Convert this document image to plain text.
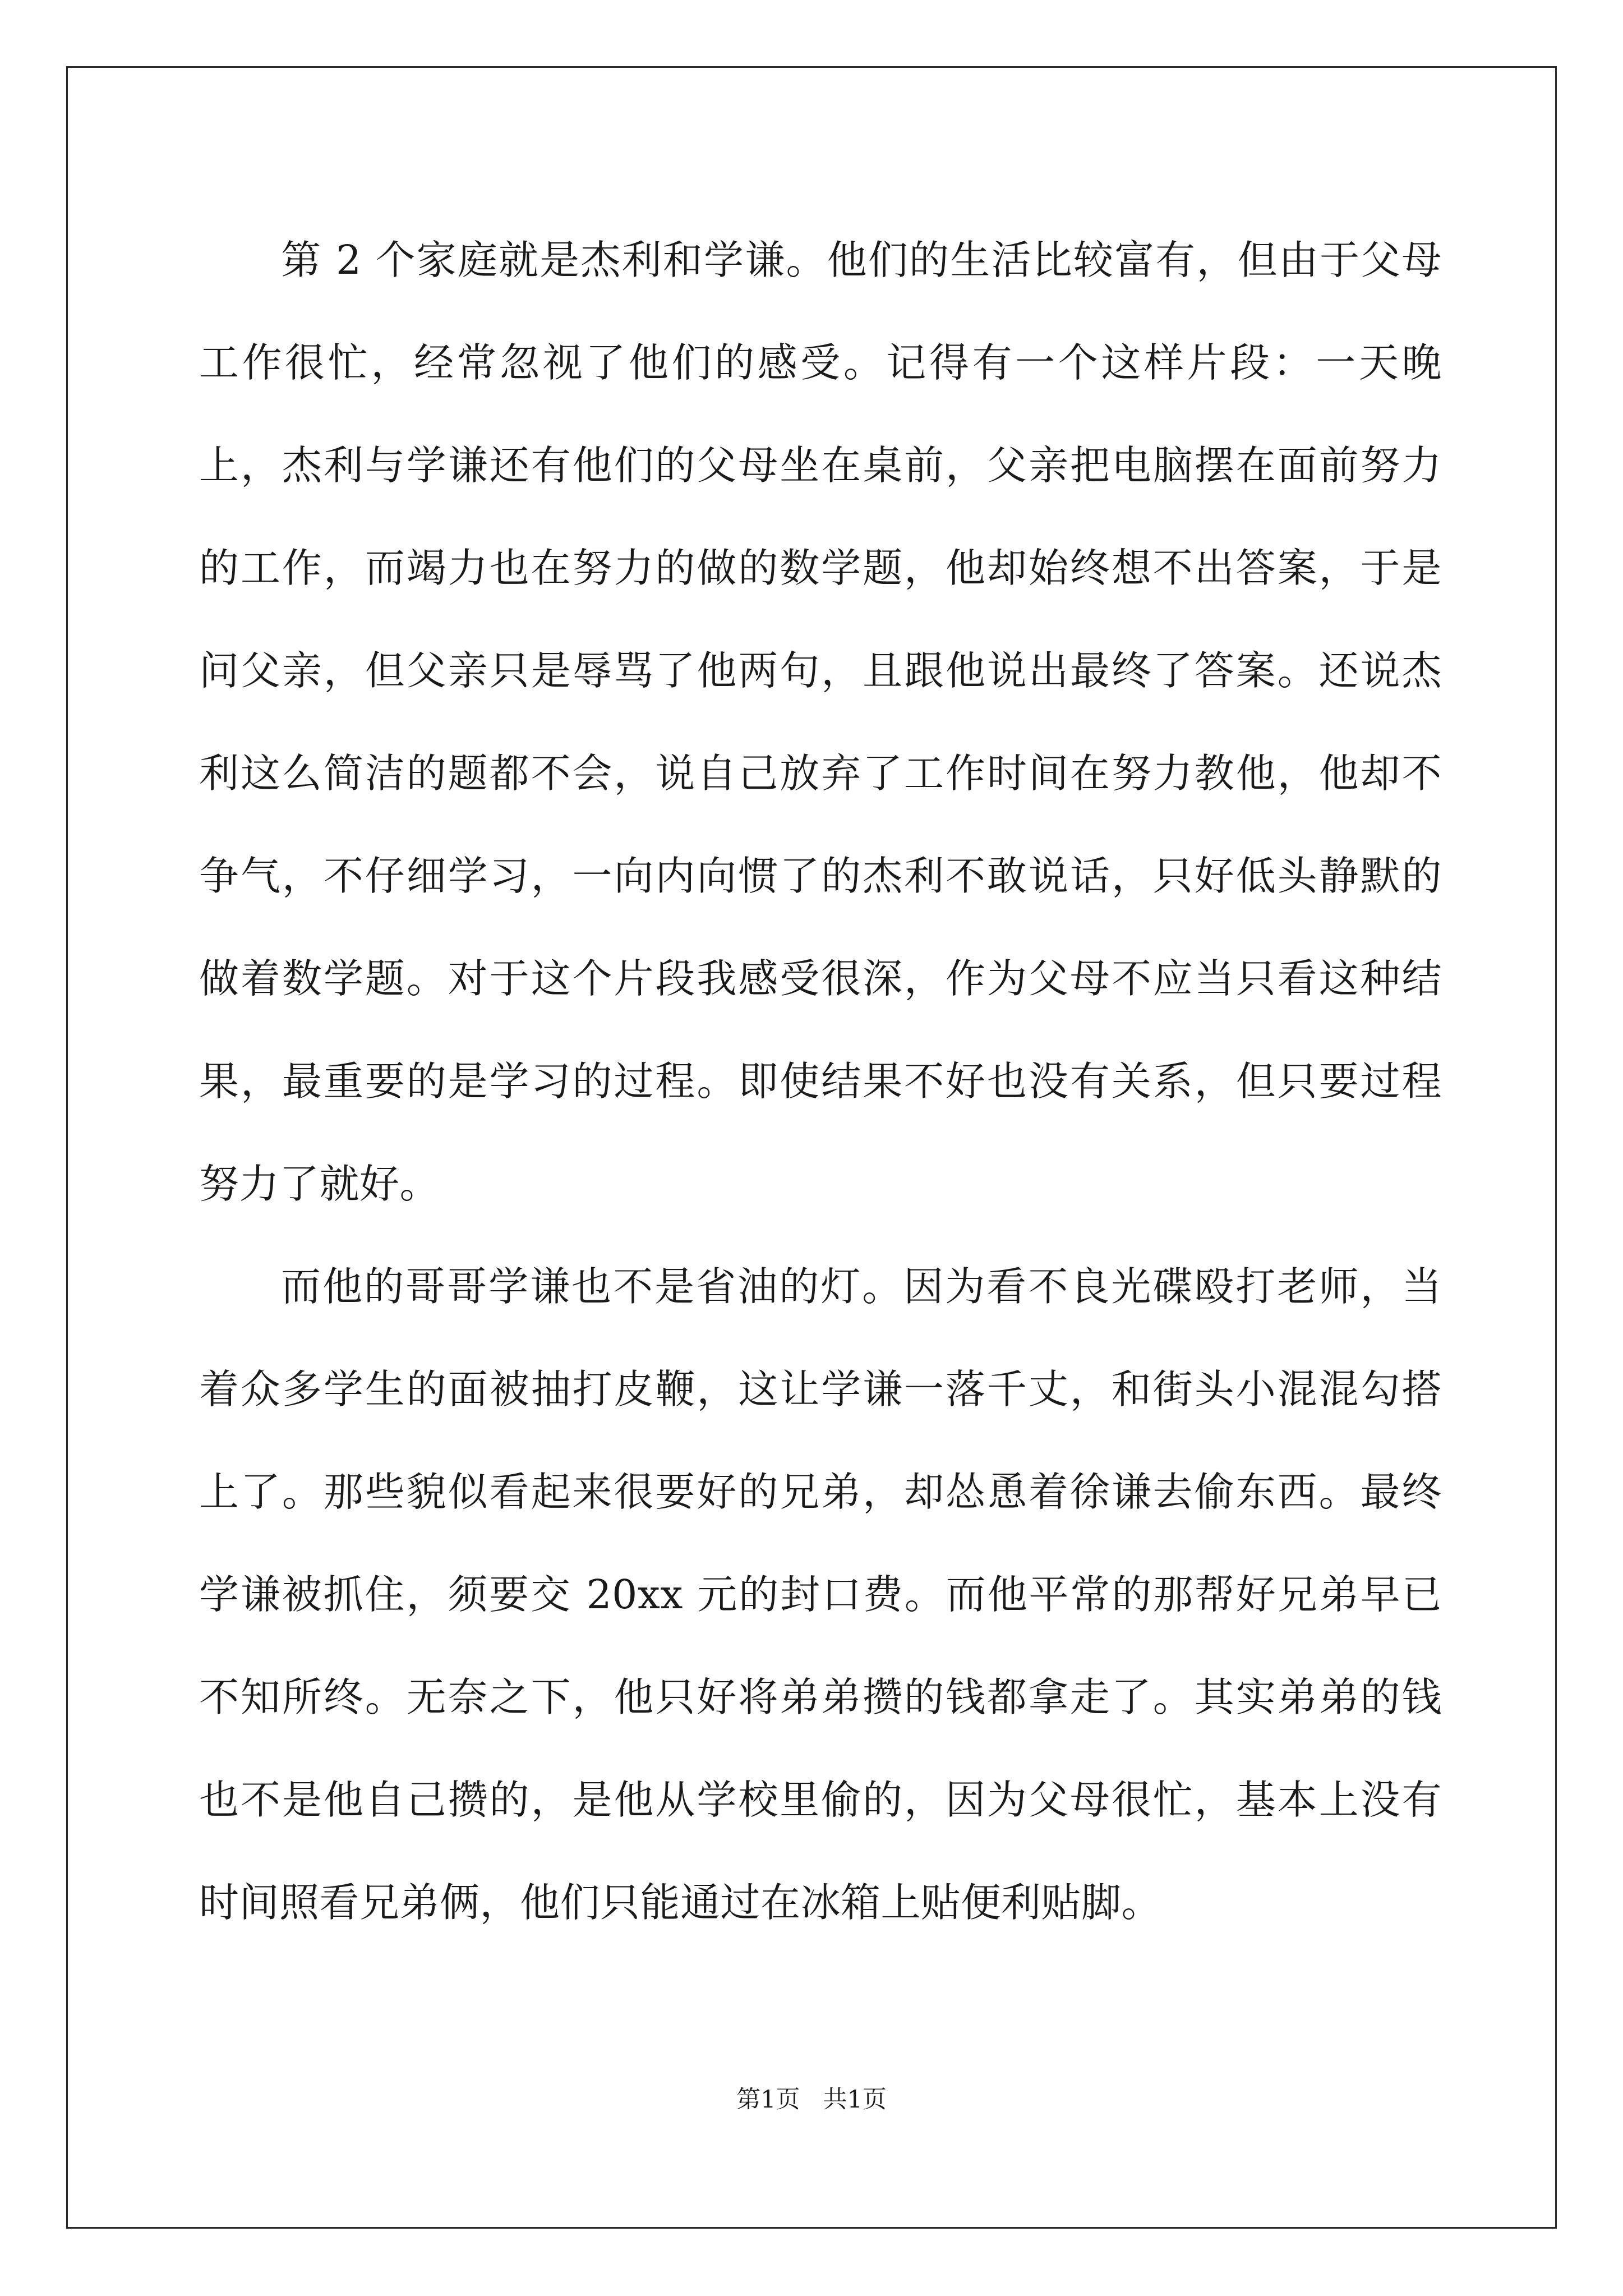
第 2 个家庭就是杰利和学谦。他们的生活比较富有，但由于父母工作很忙，经常忽视了他们的感受。记得有一个这样片段：一天晚上，杰利与学谦还有他们的父母坐在桌前，父亲把电脑摆在面前努力的工作，而竭力也在努力的做的数学题，他却始终想不出答案，于是问父亲，但父亲只是辱骂了他两句，且跟他说出最终了答案。还说杰利这么简洁的题都不会，说自己放弃了工作时间在努力教他，他却不争气，不仔细学习，一向内向惯了的杰利不敢说话，只好低头静默的做着数学题。对于这个片段我感受很深，作为父母不应当只看这种结果，最重要的是学习的过程。即使结果不好也没有关系，但只要过程努力了就好。

而他的哥哥学谦也不是省油的灯。因为看不良光碟殴打老师，当着众多学生的面被抽打皮鞭，这让学谦一落千丈，和街头小混混勾搭上了。那些貌似看起来很要好的兄弟，却怂恿着徐谦去偷东西。最终学谦被抓住，须要交 20xx 元的封口费。而他平常的那帮好兄弟早已不知所终。无奈之下，他只好将弟弟攒的钱都拿走了。其实弟弟的钱也不是他自己攒的，是他从学校里偷的，因为父母很忙，基本上没有时间照看兄弟俩，他们只能通过在冰箱上贴便利贴脚。

第1页   共1页
